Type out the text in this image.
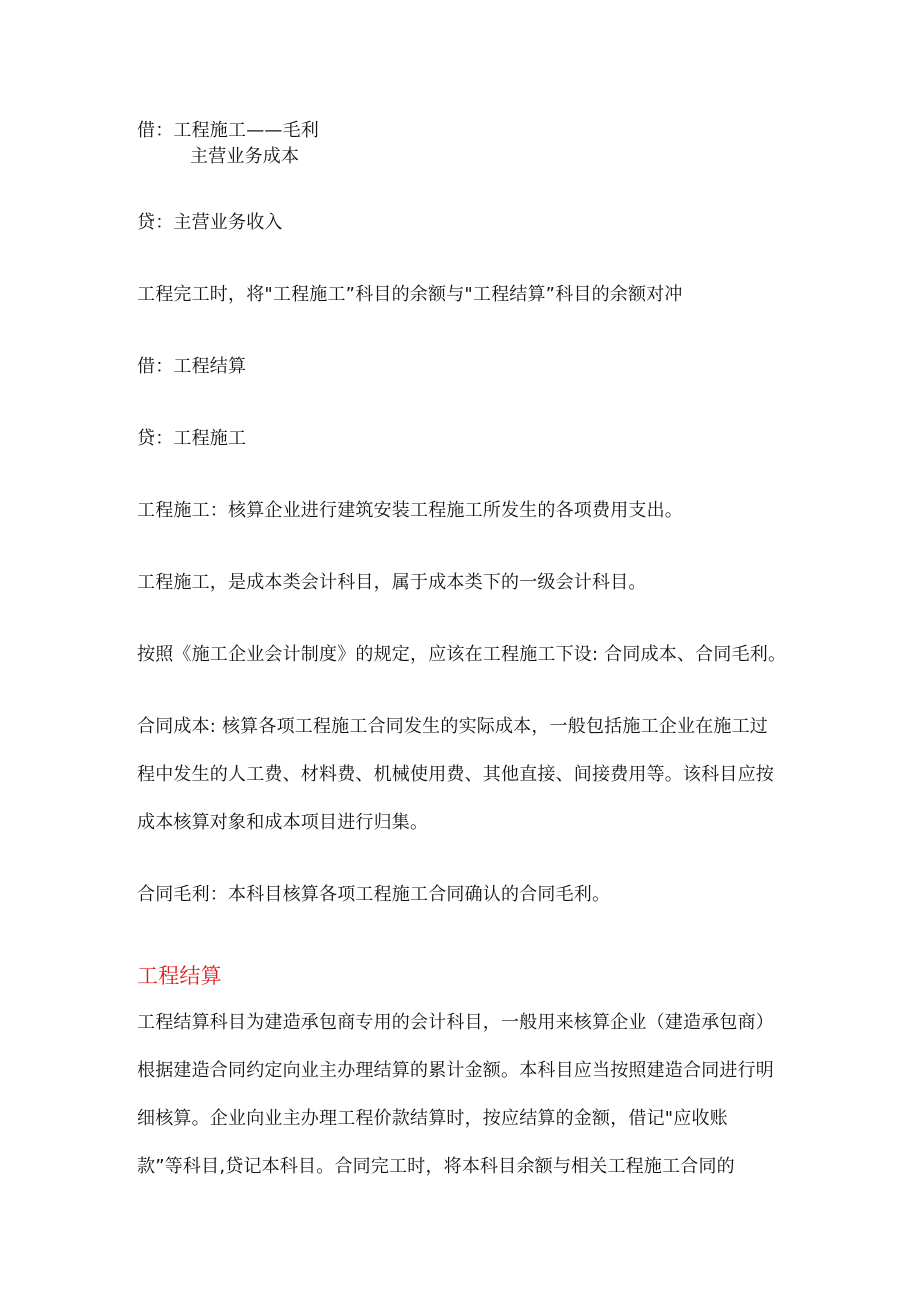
借：工程施工——毛利
主营业务成本
贷：主营业务收入
工程完工时，将"工程施工”科目的余额与"工程结算”科目的余额对冲
借：工程结算
贷：工程施工
工程施工：核算企业进行建筑安装工程施工所发生的各项费用支出。
工程施工，是成本类会计科目，属于成本类下的一级会计科目。
按照《施工企业会计制度》的规定，应该在工程施工下设: 合同成本、合同毛利。
合同成本: 核算各项工程施工合同发生的实际成本，一般包括施工企业在施工过
程中发生的人工费、材料费、机械使用费、其他直接、间接费用等。该科目应按
成本核算对象和成本项目进行归集。
合同毛利：本科目核算各项工程施工合同确认的合同毛利。
工程结算
工程结算科目为建造承包商专用的会计科目，一般用来核算企业（建造承包商）
根据建造合同约定向业主办理结算的累计金额。本科目应当按照建造合同进行明
细核算。企业向业主办理工程价款结算时，按应结算的金额，借记"应收账
款”等科目,贷记本科目。合同完工时，将本科目余额与相关工程施工合同的
